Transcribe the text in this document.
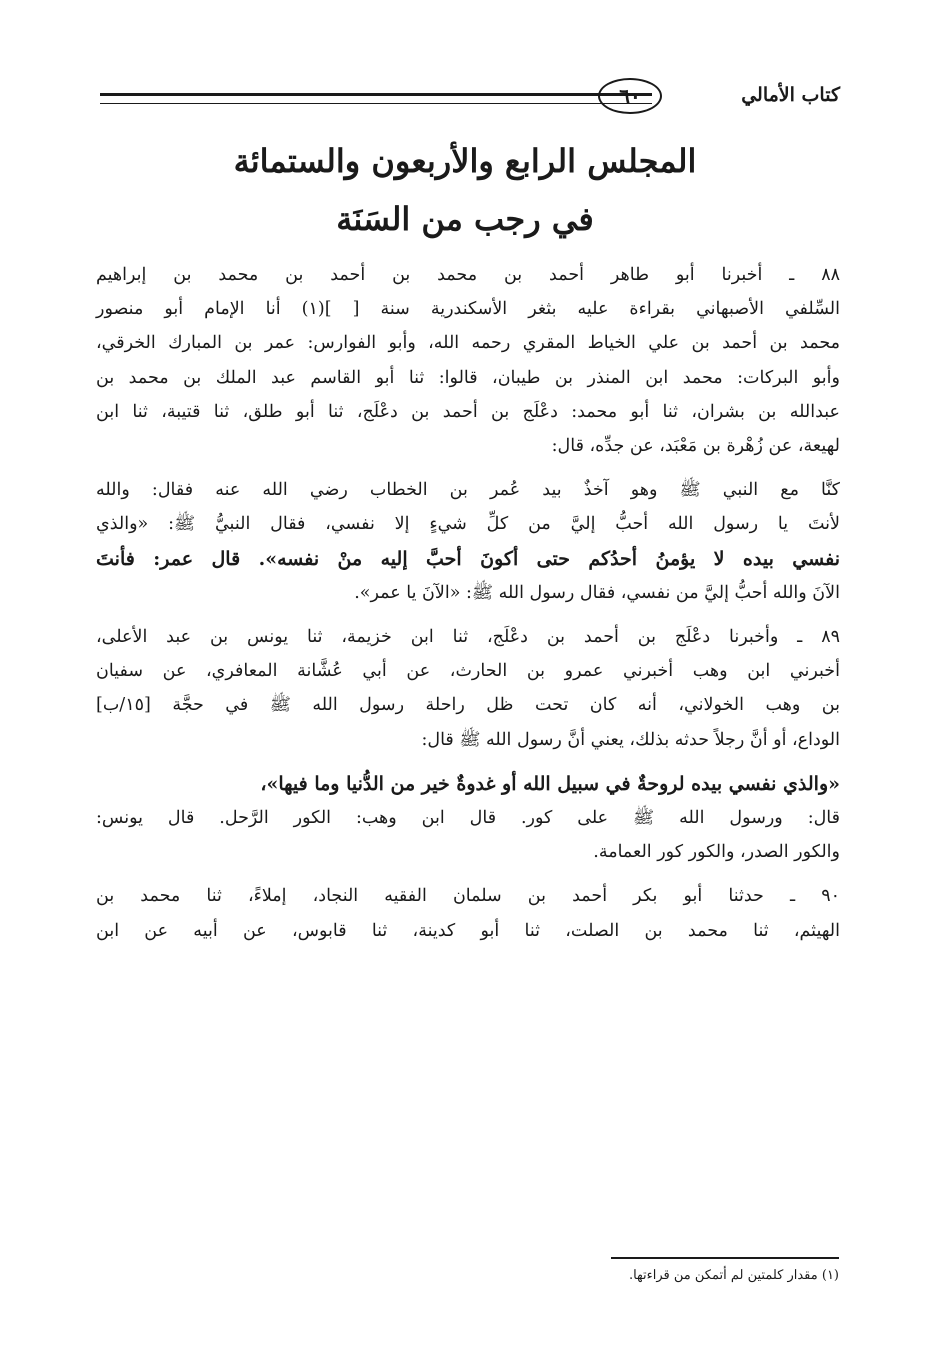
كتاب الأمالي
٦٠
المجلس الرابع والأربعون والستمائة
في رجب من السَنَة

٨٨ ـ أخبرنا أبو طاهر أحمد بن محمد بن أحمد بن محمد بن إبراهيم
السِّلفي الأصبهاني بقراءة عليه بثغر الأسكندرية سنة [ ](١) أنا الإمام أبو منصور
محمد بن أحمد بن علي الخياط المقري رحمه الله، وأبو الفوارس: عمر بن المبارك الخرقي،
وأبو البركات: محمد ابن المنذر بن طيبان، قالوا: ثنا أبو القاسم عبد الملك بن محمد بن
عبدالله بن بشران، ثنا أبو محمد: دعْلَج بن أحمد بن دعْلَج، ثنا أبو طلق، ثنا قتيبة، ثنا ابن
لهيعة، عن زُهْرة بن مَعْبَد، عن جدِّه، قال:

كنَّا مع النبي ﷺ وهو آخذٌ بيد عُمر بن الخطاب رضي الله عنه فقال: والله
لأنتَ يا رسول الله أحبُّ إليَّ من كلِّ شيءٍ إلا نفسي، فقال النبيُّ ﷺ: «والذي
نفسي بيده لا يؤمنُ أحدُكم حتى أكونَ أحبَّ إليه منْ نفسه». قال عمر: فأنتَ
الآنَ والله أحبُّ إليَّ من نفسي، فقال رسول الله ﷺ: «الآنَ يا عمر».

٨٩ ـ وأخبرنا دعْلَج بن أحمد بن دعْلَج، ثنا ابن خزيمة، ثنا يونس بن عبد الأعلى،
أخبرني ابن وهب أخبرني عمرو بن الحارث، عن أبي عُشَّانة المعافري، عن سفيان
بن وهب الخولاني، أنه كان تحت ظل راحلة رسول الله ﷺ في حجَّة [١٥/ب]
الوداع، أو أنَّ رجلاً حدثه بذلك، يعني أنَّ رسول الله ﷺ قال:

«والذي نفسي بيده لروحةٌ في سبيل الله أو غدوةٌ خير من الدُّنيا وما فيها»،
قال: ورسول الله ﷺ على كور. قال ابن وهب: الكور الرَّحل. قال يونس:
والكور الصدر، والكور كور العمامة.

٩٠ ـ حدثنا أبو بكر أحمد بن سلمان الفقيه النجاد، إملاءً، ثنا محمد بن
الهيثم، ثنا محمد بن الصلت، ثنا أبو كدينة، ثنا قابوس، عن أبيه عن ابن

(١) مقدار كلمتين لم أتمكن من قراءتها.
